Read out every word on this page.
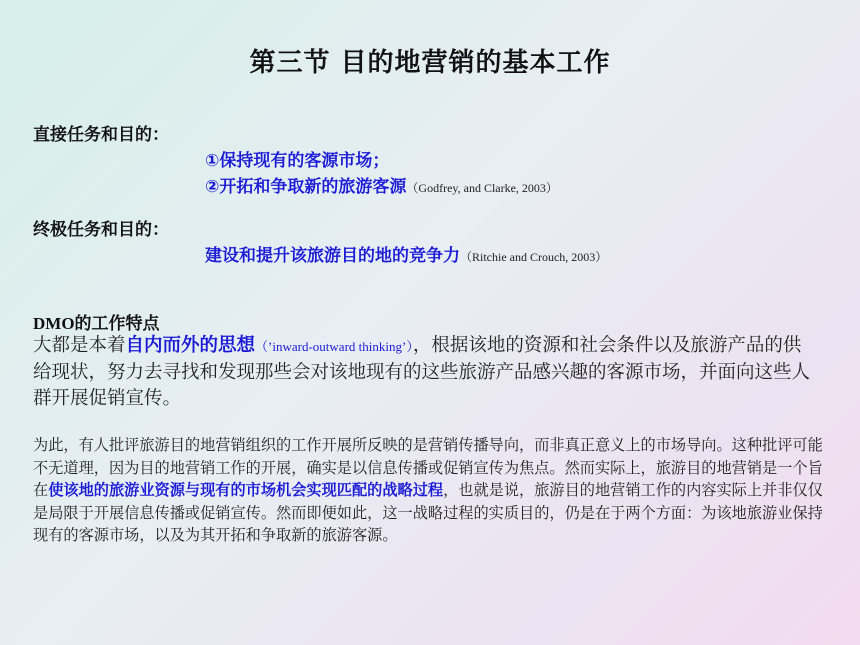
第三节 目的地营销的基本工作
直接任务和目的：
①保持现有的客源市场；
②开拓和争取新的旅游客源（Godfrey, and Clarke, 2003）
终极任务和目的：
建设和提升该旅游目的地的竞争力（Ritchie and Crouch, 2003）
DMO的工作特点
大都是本着自内而外的思想（’inward-outward thinking’），根据该地的资源和社会条件以及旅游产品的供给现状，努力去寻找和发现那些会对该地现有的这些旅游产品感兴趣的客源市场，并面向这些人群开展促销宣传。
为此，有人批评旅游目的地营销组织的工作开展所反映的是营销传播导向，而非真正意义上的市场导向。这种批评可能不无道理，因为目的地营销工作的开展，确实是以信息传播或促销宣传为焦点。然而实际上，旅游目的地营销是一个旨在使该地的旅游业资源与现有的市场机会实现匹配的战略过程，也就是说，旅游目的地营销工作的内容实际上并非仅仅是局限于开展信息传播或促销宣传。然而即便如此，这一战略过程的实质目的，仍是在于两个方面：为该地旅游业保持现有的客源市场，以及为其开拓和争取新的旅游客源。
